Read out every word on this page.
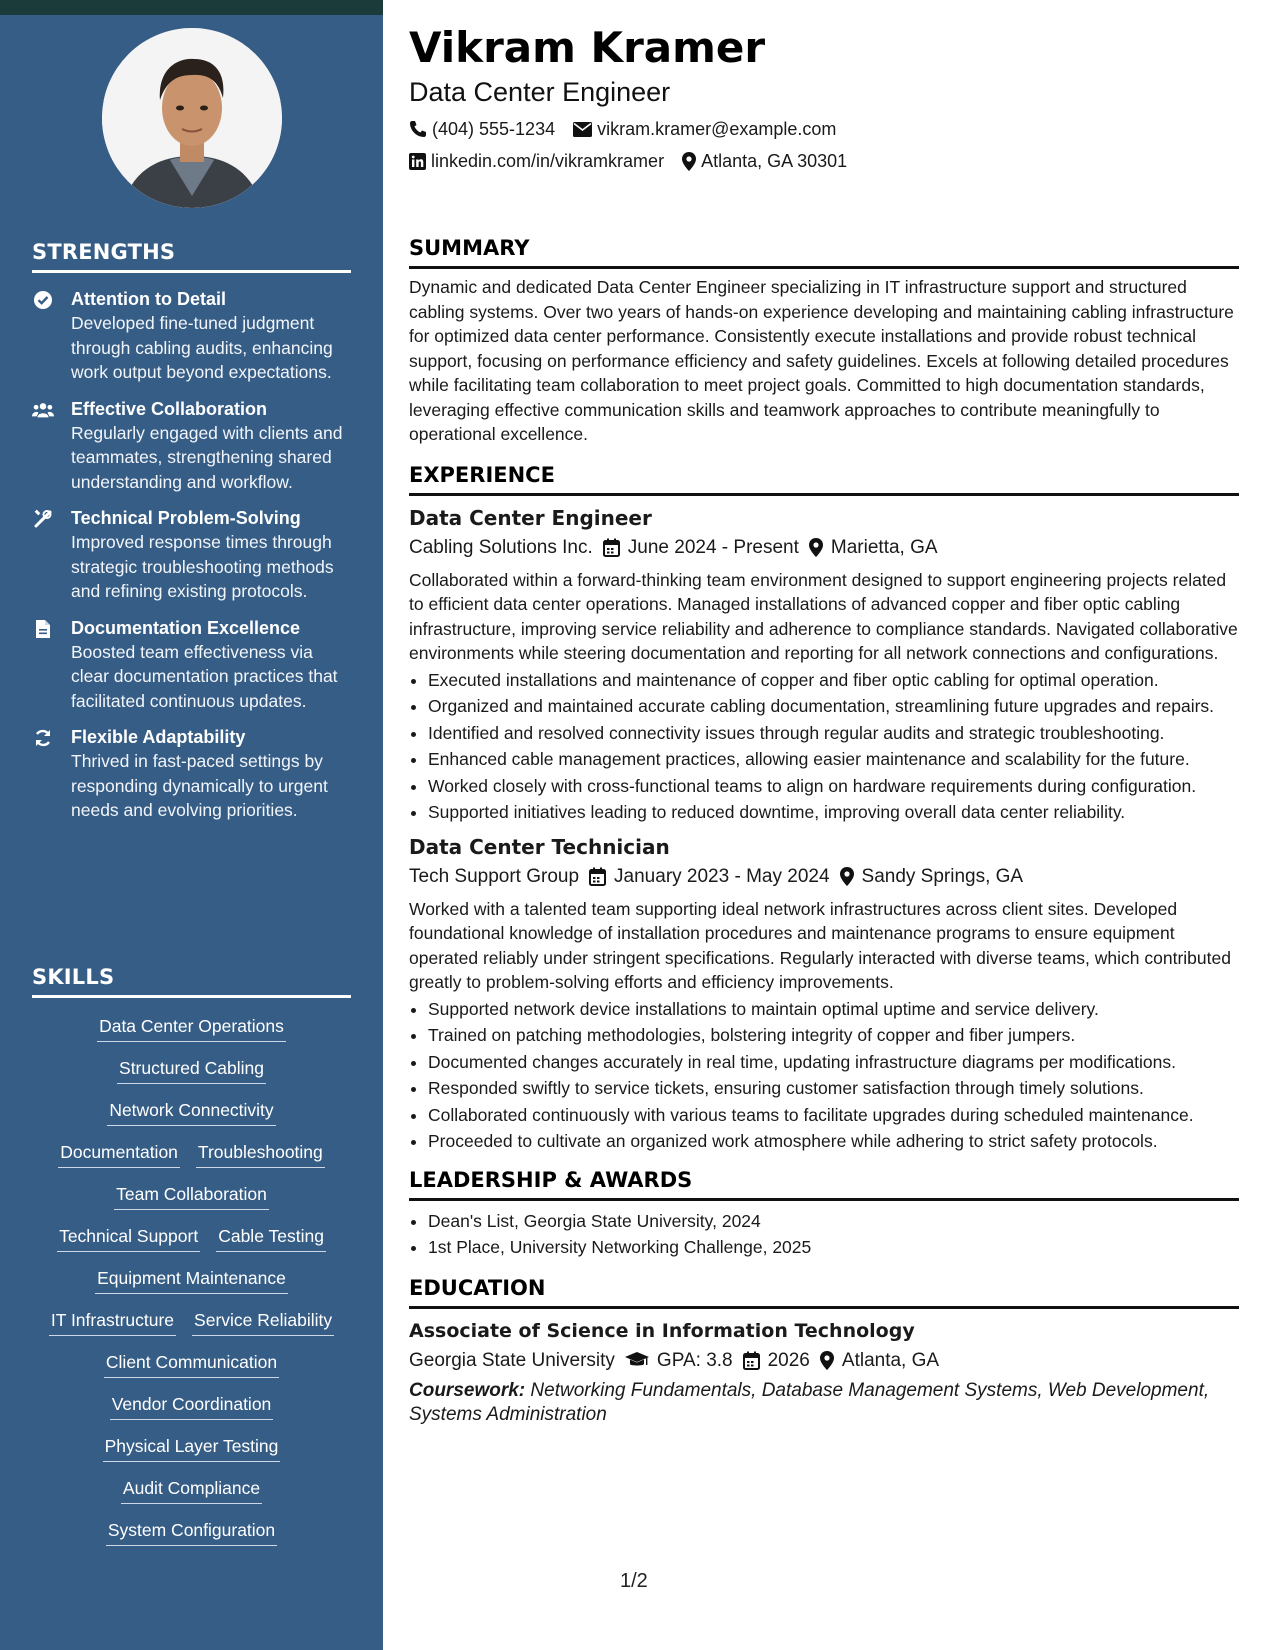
STRENGTHS
Attention to Detail
Developed fine-tuned judgment through cabling audits, enhancing work output beyond expectations.
Effective Collaboration
Regularly engaged with clients and teammates, strengthening shared understanding and workflow.
Technical Problem-Solving
Improved response times through strategic troubleshooting methods and refining existing protocols.
Documentation Excellence
Boosted team effectiveness via clear documentation practices that facilitated continuous updates.
Flexible Adaptability
Thrived in fast-paced settings by responding dynamically to urgent needs and evolving priorities.
SKILLS
Data Center Operations
Structured Cabling
Network Connectivity
Documentation Troubleshooting
Team Collaboration
Technical Support Cable Testing
Equipment Maintenance
IT Infrastructure Service Reliability
Client Communication
Vendor Coordination
Physical Layer Testing
Audit Compliance
System Configuration
Vikram Kramer
Data Center Engineer
(404) 555-1234 vikram.kramer@example.com
linkedin.com/in/vikramkramer Atlanta, GA 30301
SUMMARY
Dynamic and dedicated Data Center Engineer specializing in IT infrastructure support and structured cabling systems. Over two years of hands-on experience developing and maintaining cabling infrastructure for optimized data center performance. Consistently execute installations and provide robust technical support, focusing on performance efficiency and safety guidelines. Excels at following detailed procedures while facilitating team collaboration to meet project goals. Committed to high documentation standards, leveraging effective communication skills and teamwork approaches to contribute meaningfully to operational excellence.
EXPERIENCE
Data Center Engineer
Cabling Solutions Inc. June 2024 - Present Marietta, GA
Collaborated within a forward-thinking team environment designed to support engineering projects related to efficient data center operations. Managed installations of advanced copper and fiber optic cabling infrastructure, improving service reliability and adherence to compliance standards. Navigated collaborative environments while steering documentation and reporting for all network connections and configurations.
• Executed installations and maintenance of copper and fiber optic cabling for optimal operation.
• Organized and maintained accurate cabling documentation, streamlining future upgrades and repairs.
• Identified and resolved connectivity issues through regular audits and strategic troubleshooting.
• Enhanced cable management practices, allowing easier maintenance and scalability for the future.
• Worked closely with cross-functional teams to align on hardware requirements during configuration.
• Supported initiatives leading to reduced downtime, improving overall data center reliability.
Data Center Technician
Tech Support Group January 2023 - May 2024 Sandy Springs, GA
Worked with a talented team supporting ideal network infrastructures across client sites. Developed foundational knowledge of installation procedures and maintenance programs to ensure equipment operated reliably under stringent specifications. Regularly interacted with diverse teams, which contributed greatly to problem-solving efforts and efficiency improvements.
• Supported network device installations to maintain optimal uptime and service delivery.
• Trained on patching methodologies, bolstering integrity of copper and fiber jumpers.
• Documented changes accurately in real time, updating infrastructure diagrams per modifications.
• Responded swiftly to service tickets, ensuring customer satisfaction through timely solutions.
• Collaborated continuously with various teams to facilitate upgrades during scheduled maintenance.
• Proceeded to cultivate an organized work atmosphere while adhering to strict safety protocols.
LEADERSHIP & AWARDS
• Dean's List, Georgia State University, 2024
• 1st Place, University Networking Challenge, 2025
EDUCATION
Associate of Science in Information Technology
Georgia State University GPA: 3.8 2026 Atlanta, GA
Coursework: Networking Fundamentals, Database Management Systems, Web Development, Systems Administration
1/2
